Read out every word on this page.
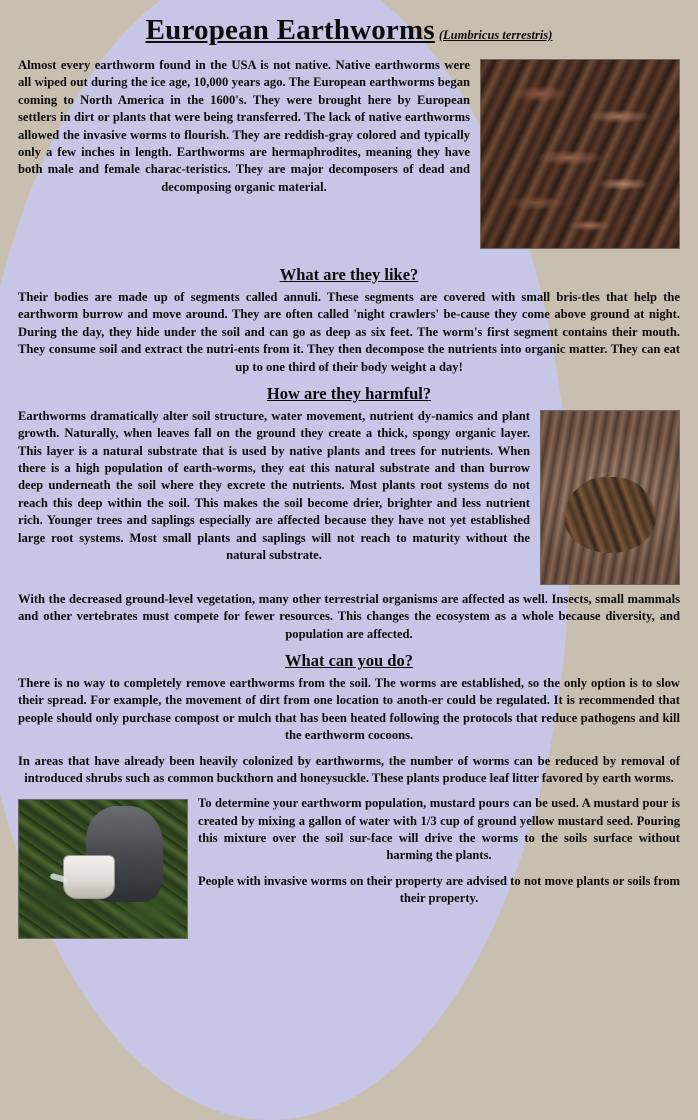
European Earthworms (Lumbricus terrestris)

Almost every earthworm found in the USA is not native. Native earthworms were all wiped out during the ice age, 10,000 years ago. The European earthworms began coming to North America in the 1600's. They were brought here by European settlers in dirt or plants that were being transferred. The lack of native earthworms allowed the invasive worms to flourish. They are reddish-gray colored and typically only a few inches in length. Earthworms are hermaphrodites, meaning they have both male and female charac-teristics. They are major decomposers of dead and decomposing organic material.

What are they like?

Their bodies are made up of segments called annuli. These segments are covered with small bris-tles that help the earthworm burrow and move around. They are often called 'night crawlers' be-cause they come above ground at night. During the day, they hide under the soil and can go as deep as six feet. The worm's first segment contains their mouth. They consume soil and extract the nutri-ents from it. They then decompose the nutrients into organic matter. They can eat up to one third of their body weight a day!

How are they harmful?

Earthworms dramatically alter soil structure, water movement, nutrient dy-namics and plant growth. Naturally, when leaves fall on the ground they create a thick, spongy organic layer. This layer is a natural substrate that is used by native plants and trees for nutrients. When there is a high population of earth-worms, they eat this natural substrate and than burrow deep underneath the soil where they excrete the nutrients. Most plants root systems do not reach this deep within the soil. This makes the soil become drier, brighter and less nutrient rich. Younger trees and saplings especially are affected because they have not yet established large root systems. Most small plants and saplings will not reach to maturity without the natural substrate.

With the decreased ground-level vegetation, many other terrestrial organisms are affected as well. Insects, small mammals and other vertebrates must compete for fewer resources. This changes the ecosystem as a whole because diversity, and population are affected.

What can you do?

There is no way to completely remove earthworms from the soil. The worms are established, so the only option is to slow their spread. For example, the movement of dirt from one location to anoth-er could be regulated. It is recommended that people should only purchase compost or mulch that has been heated following the protocols that reduce pathogens and kill the earthworm cocoons.

In areas that have already been heavily colonized by earthworms, the number of worms can be reduced by removal of introduced shrubs such as common buckthorn and honeysuckle. These plants produce leaf litter favored by earth worms.

To determine your earthworm population, mustard pours can be used. A mustard pour is created by mixing a gallon of water with 1/3 cup of ground yellow mustard seed. Pouring this mixture over the soil sur-face will drive the worms to the soils surface without harming the plants.

People with invasive worms on their property are advised to not move plants or soils from their property.
